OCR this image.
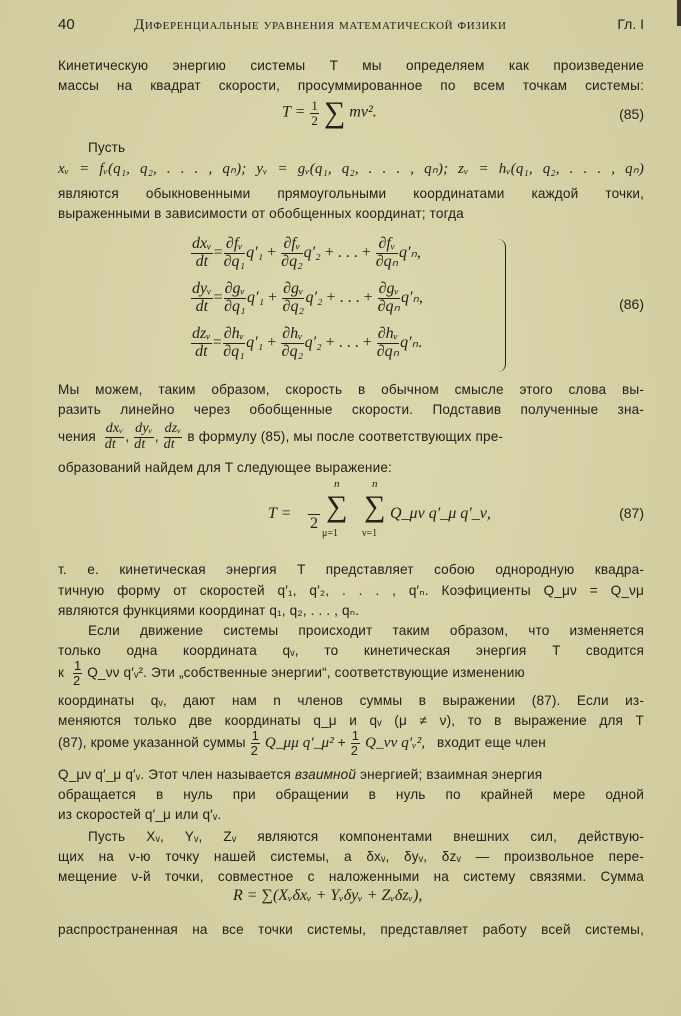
40	Диференциальные уравнения математической физики	Гл. I
Кинетическую энергию системы T мы определяем как произведение
массы на квадрат скорости, просуммированное по всем точкам системы:
$T = \frac{1}{2}$ ∑ mv².	(85)
Пусть
xᵥ = fᵥ(q₁, q₂, . . . , qₙ); yᵥ = gᵥ(q₁, q₂, . . . , qₙ); zᵥ = hᵥ(q₁, q₂, . . . , qₙ)
являются обыкновенными прямоугольными координатами каждой точки,
выраженными в зависимости от обобщенных координат; тогда
$\frac{\text{dxᵥ}}{dt} = \frac{\text{∂fᵥ}}{\text{∂q₁}} q'_1 + \frac{\text{∂fᵥ}}{\text{∂q₂}} q'_2$ + . . . + $\frac{\text{∂fᵥ}}{\text{∂qₙ}} q'_n$,
$\frac{\text{dyᵥ}}{dt} = \frac{\text{∂gᵥ}}{\text{∂q₁}} q'_1 + \frac{\text{∂gᵥ}}{\text{∂q₂}} q'_2$ + . . . + $\frac{\text{∂gᵥ}}{\text{∂qₙ}} q'_n$,
$\frac{\text{dzᵥ}}{dt} = \frac{\text{∂hᵥ}}{\text{∂q₁}} q'_1 + \frac{\text{∂hᵥ}}{\text{∂q₂}} q'_2$ + . . . + $\frac{\text{∂hᵥ}}{\text{∂qₙ}} q'_n$.
(86)
Мы можем, таким образом, скорость в обычном смысле этого слова вы-
разить линейно через обобщенные скорости. Подставив полученные зна-
чения $\frac{\text{dxᵥ}}{dt}$ , $\frac{\text{dyᵥ}}{dt}$ , $\frac{\text{dzᵥ}}{dt}$ в формулу (85), мы после соответствующих пре-
образований найдем для T следующее выражение:
T =
2
n
∑
μ=1
n
∑
ν=1
Q_μν q′_μ q′_ν,	(87)
т. е. кинетическая энергия T представляет собою однородную квадра-
тичную форму от скоростей q′₁, q′₂, . . . , q′ₙ. Коэфициенты Q_μν = Q_νμ
являются функциями координат q₁, q₂, . . . , qₙ.
Если движение системы происходит таким образом, что изменяется
только одна координата qᵥ, то кинетическая энергия T сводится
к $\frac{1}{2}$ Q_νν q′ᵥ². Эти „собственные энергии“, соответствующие изменению
координаты qᵥ, дают нам n членов суммы в выражении (87). Если из-
меняются только две координаты q_μ и qᵥ (μ ≠ ν), то в выражение для T
(87), кроме указанной суммы $\frac{1}{2}$ Q_μμ q′_μ² + $\frac{1}{2}$ Q_νν q′ᵥ², входит еще член
Q_μν q′_μ q′ᵥ. Этот член называется взаимной энергией; взаимная энергия
обращается в нуль при обращении в нуль по крайней мере одной
из скоростей q′_μ или q′ᵥ.
Пусть Xᵥ, Yᵥ, Zᵥ являются компонентами внешних сил, действую-
щих на ν-ю точку нашей системы, а δxᵥ, δyᵥ, δzᵥ — произвольное пере-
мещение ν-й точки, совместное с наложенными на систему связями. Сумма
R = ∑(Xᵥδxᵥ + Yᵥδyᵥ + Zᵥδzᵥ),
распространенная на все точки системы, представляет работу всей системы,
